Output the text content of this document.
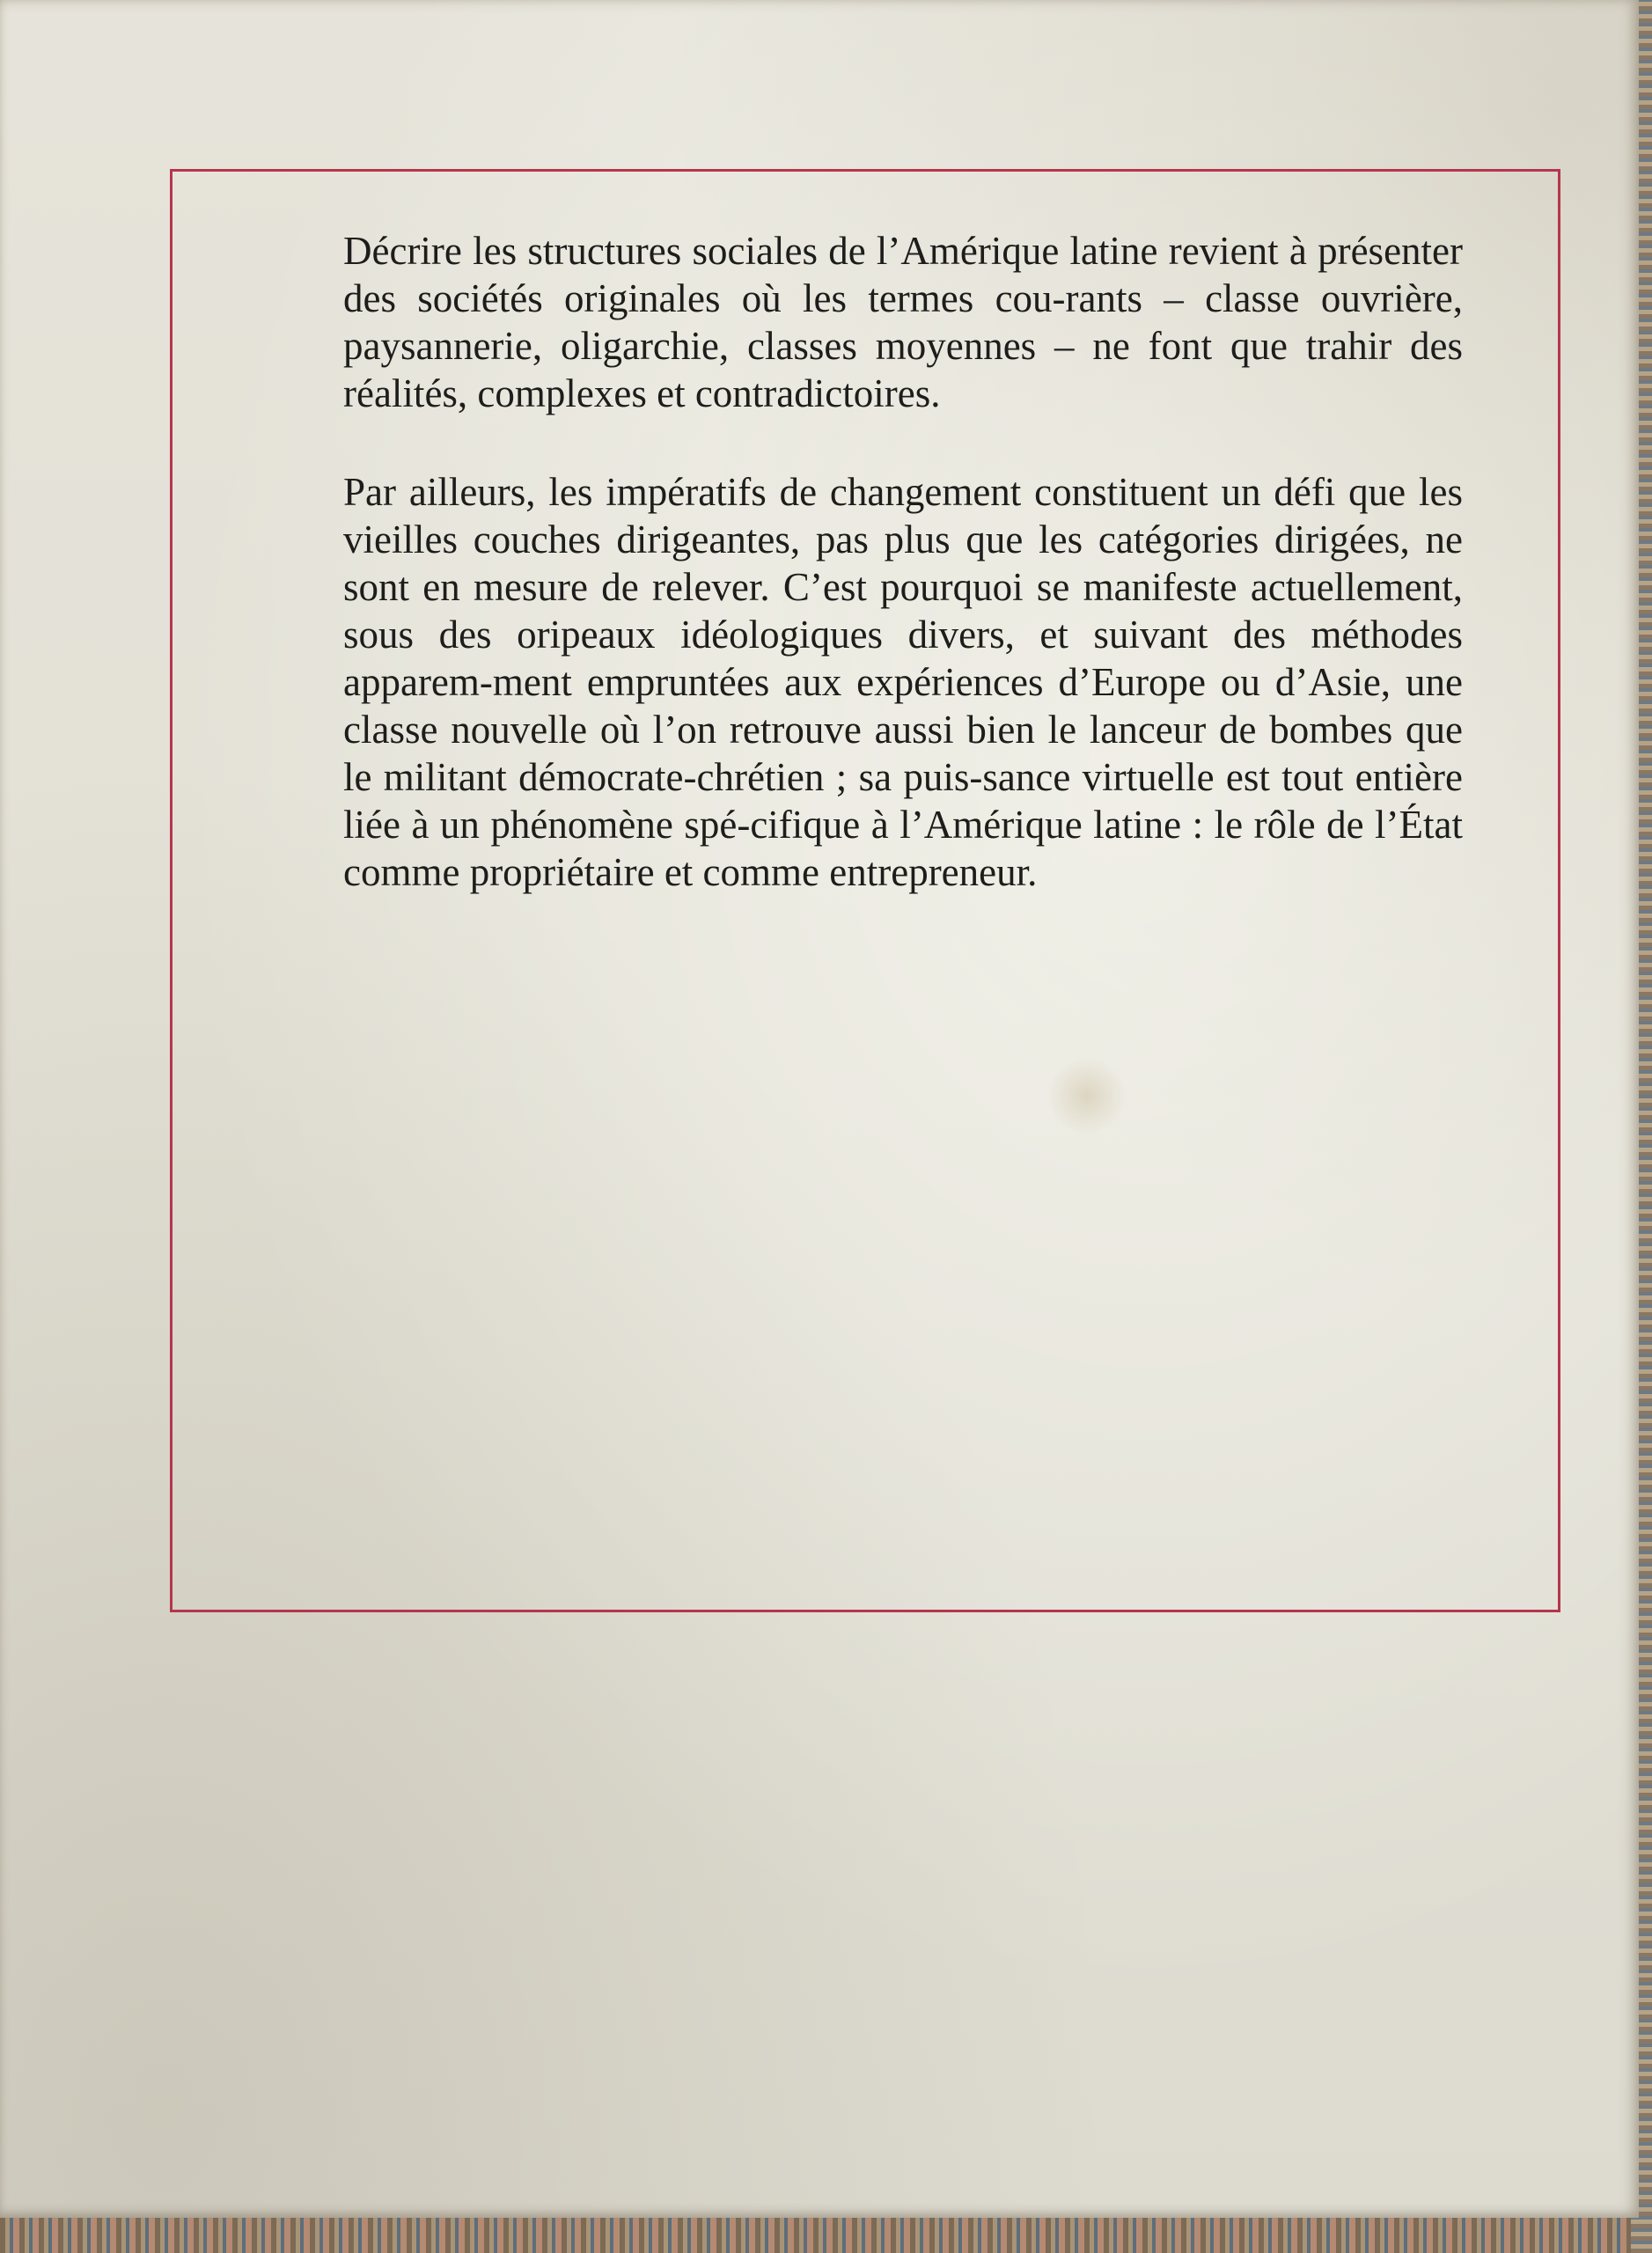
Décrire les structures sociales de l’Amérique latine revient à présenter des sociétés originales où les termes cou-rants – classe ouvrière, paysannerie, oligarchie, classes moyennes – ne font que trahir des réalités, complexes et contradictoires.

Par ailleurs, les impératifs de changement constituent un défi que les vieilles couches dirigeantes, pas plus que les catégories dirigées, ne sont en mesure de relever. C’est pourquoi se manifeste actuellement, sous des oripeaux idéologiques divers, et suivant des méthodes apparem-ment empruntées aux expériences d’Europe ou d’Asie, une classe nouvelle où l’on retrouve aussi bien le lanceur de bombes que le militant démocrate-chrétien ; sa puis-sance virtuelle est tout entière liée à un phénomène spé-cifique à l’Amérique latine : le rôle de l’État comme propriétaire et comme entrepreneur.
